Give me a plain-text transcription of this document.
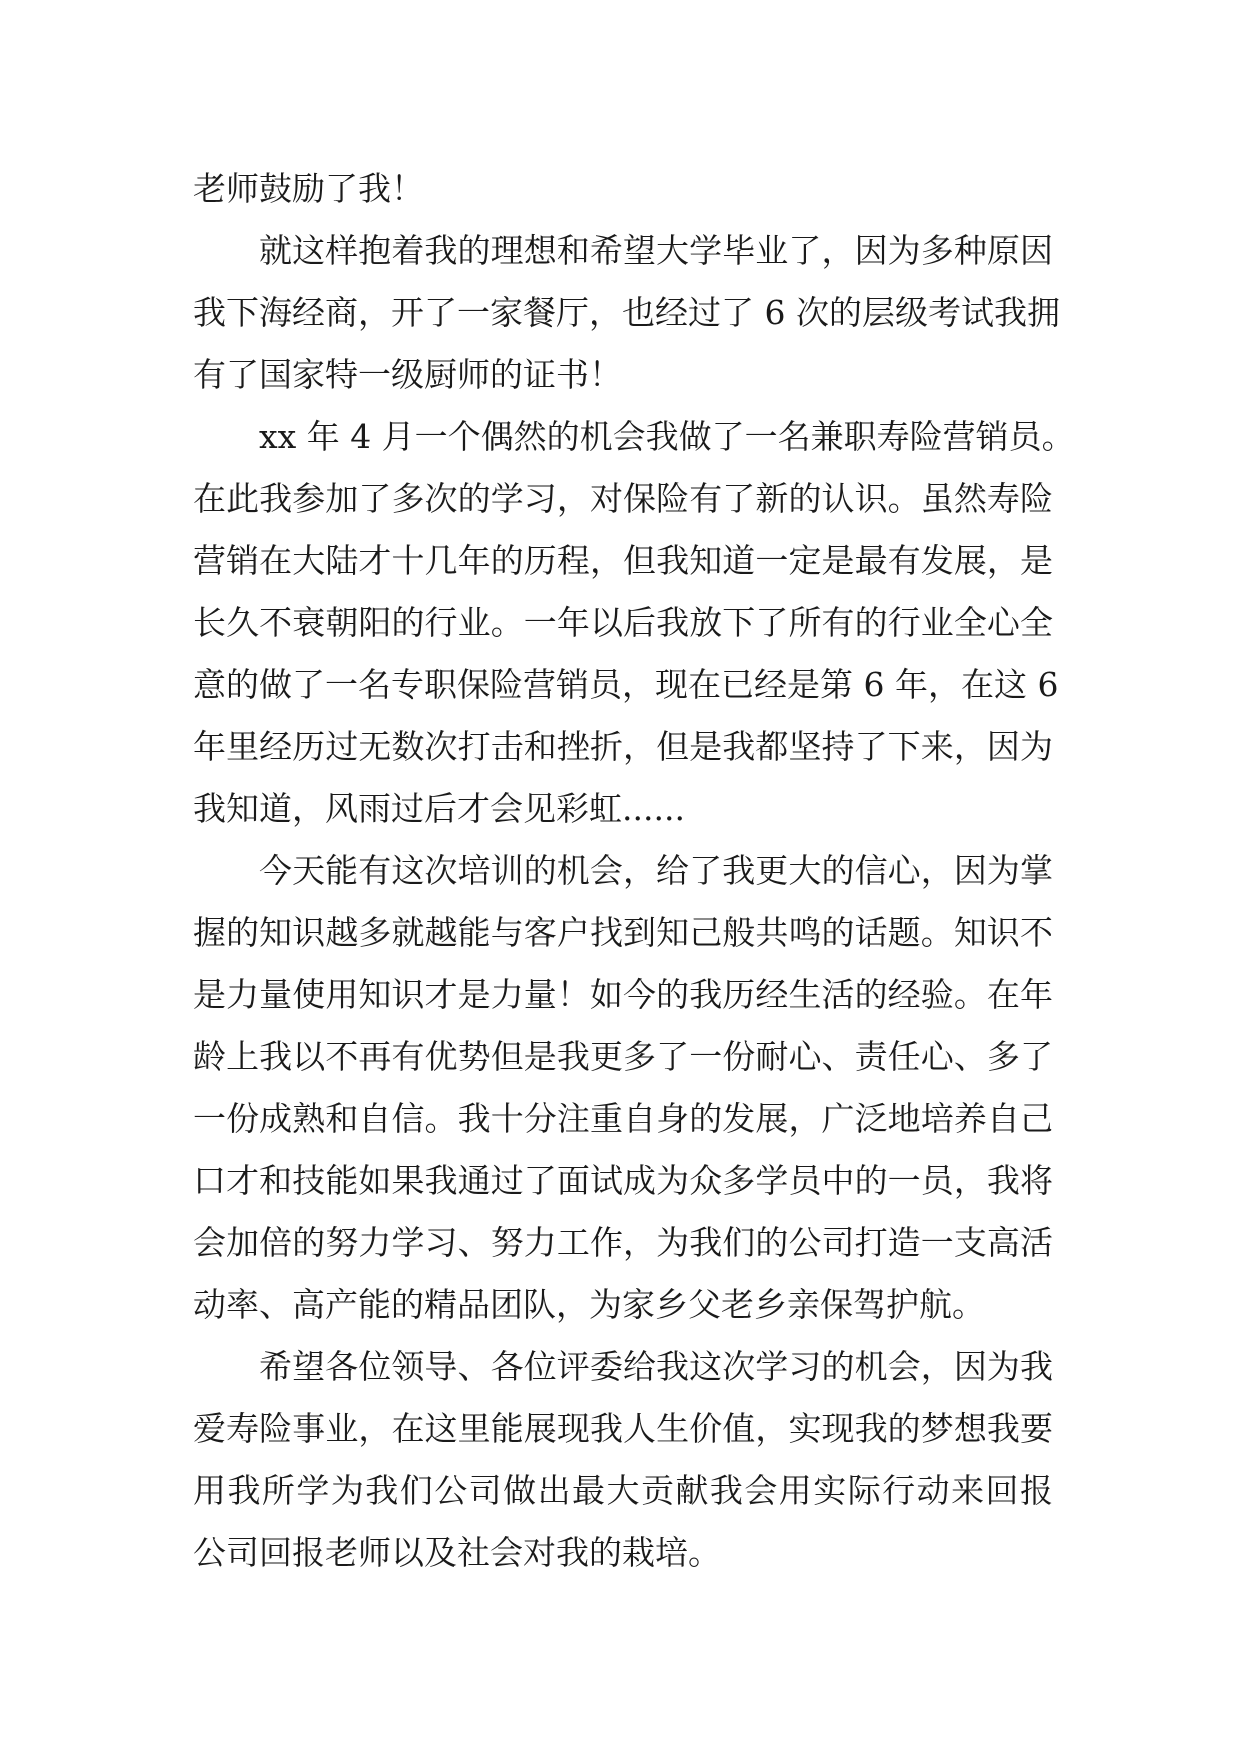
老师鼓励了我！
就这样抱着我的理想和希望大学毕业了，因为多种原因
我下海经商，开了一家餐厅，也经过了 6 次的层级考试我拥
有了国家特一级厨师的证书！
xx 年 4 月一个偶然的机会我做了一名兼职寿险营销员。
在此我参加了多次的学习，对保险有了新的认识。虽然寿险
营销在大陆才十几年的历程，但我知道一定是最有发展，是
长久不衰朝阳的行业。一年以后我放下了所有的行业全心全
意的做了一名专职保险营销员，现在已经是第 6 年，在这 6
年里经历过无数次打击和挫折，但是我都坚持了下来，因为
我知道，风雨过后才会见彩虹......
今天能有这次培训的机会，给了我更大的信心，因为掌
握的知识越多就越能与客户找到知己般共鸣的话题。知识不
是力量使用知识才是力量！如今的我历经生活的经验。在年
龄上我以不再有优势但是我更多了一份耐心、责任心、多了
一份成熟和自信。我十分注重自身的发展，广泛地培养自己
口才和技能如果我通过了面试成为众多学员中的一员，我将
会加倍的努力学习、努力工作，为我们的公司打造一支高活
动率、高产能的精品团队，为家乡父老乡亲保驾护航。
希望各位领导、各位评委给我这次学习的机会，因为我
爱寿险事业，在这里能展现我人生价值，实现我的梦想我要
用我所学为我们公司做出最大贡献我会用实际行动来回报
公司回报老师以及社会对我的栽培。
